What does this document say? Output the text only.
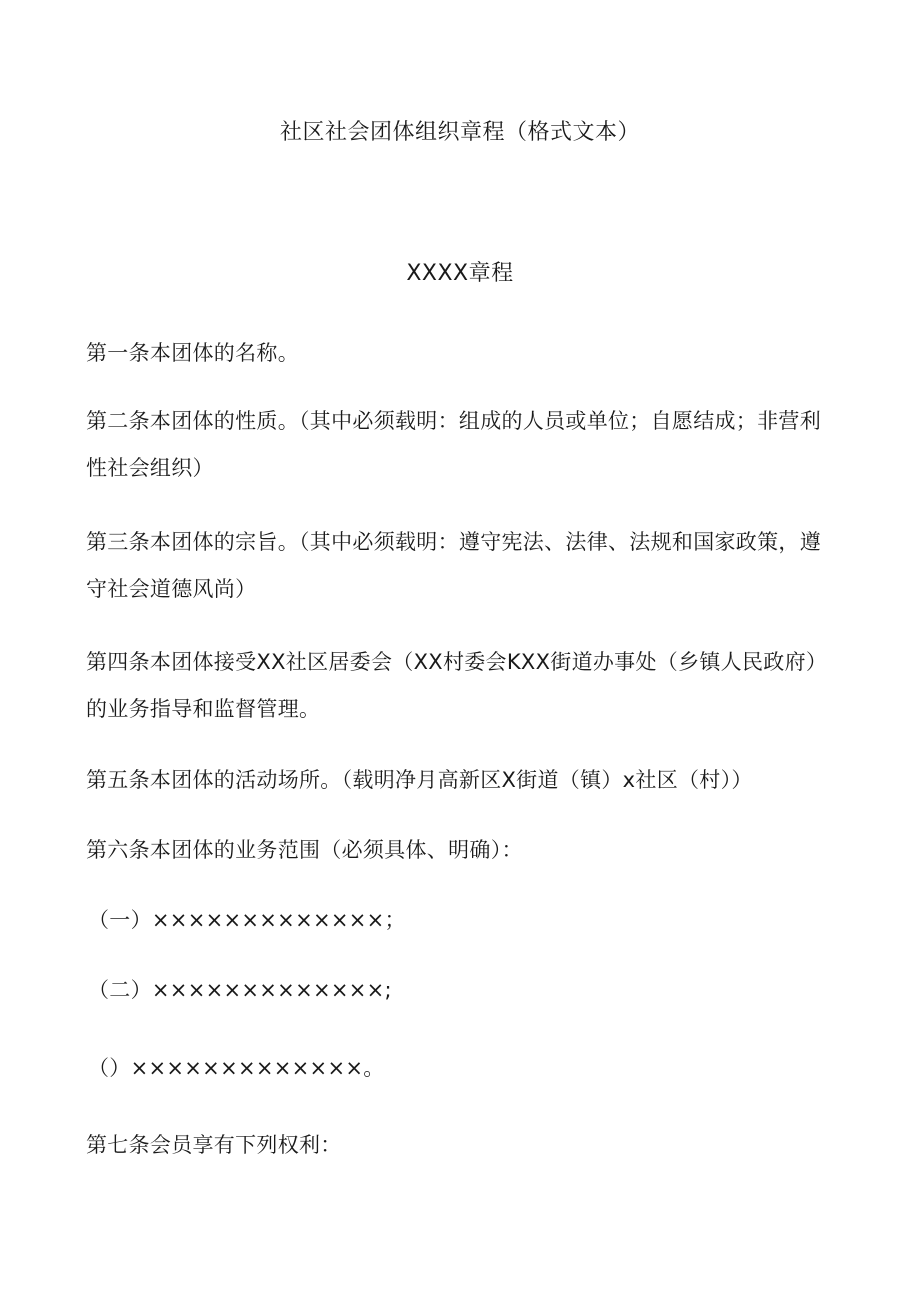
社区社会团体组织章程（格式文本）
XXXX章程
第一条本团体的名称。
第二条本团体的性质。（其中必须载明：组成的人员或单位；自愿结成；非营利性社会组织）
第三条本团体的宗旨。（其中必须载明：遵守宪法、法律、法规和国家政策，遵守社会道德风尚）
第四条本团体接受XX社区居委会（XX村委会KXX街道办事处（乡镇人民政府）的业务指导和监督管理。
第五条本团体的活动场所。（载明净月高新区X街道（镇）x社区（村））
第六条本团体的业务范围（必须具体、明确）：
（一）×××××××××××××；
（二）×××××××××××××;
（）×××××××××××××。
第七条会员享有下列权利：
